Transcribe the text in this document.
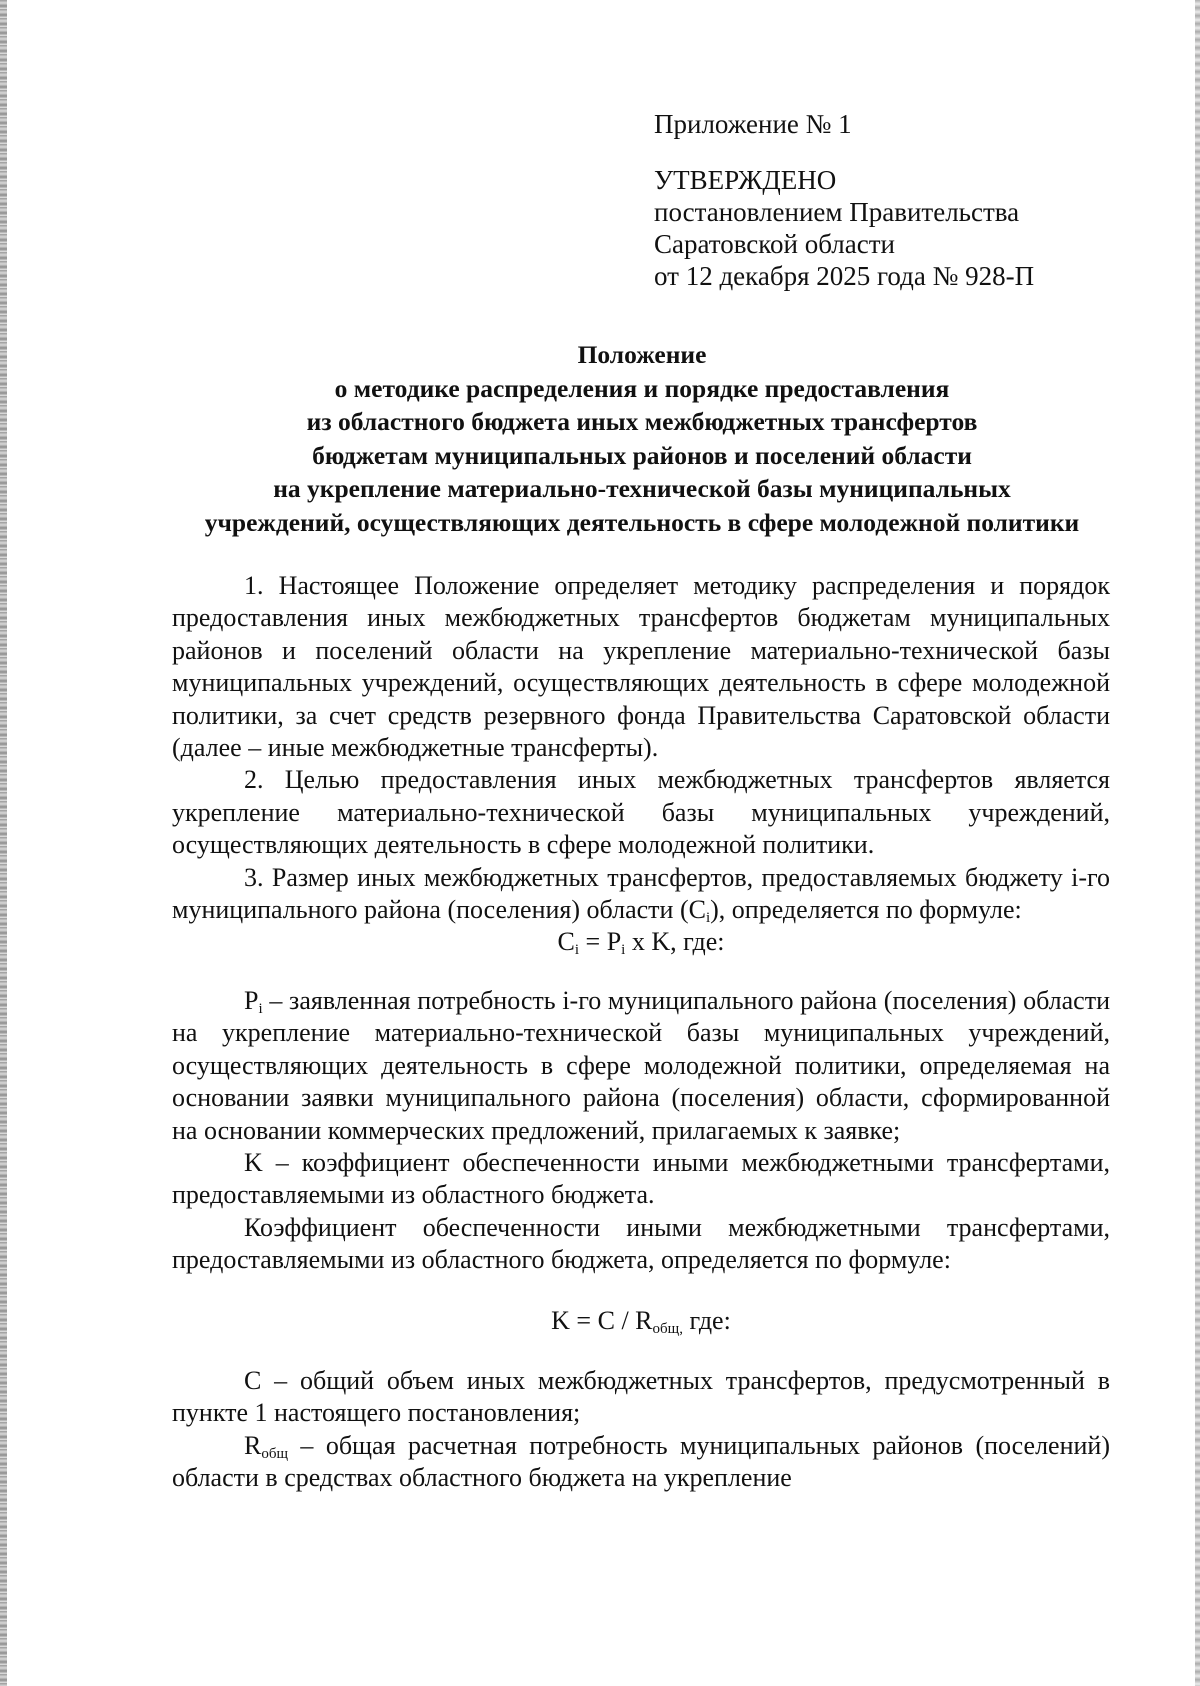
Приложение № 1
УТВЕРЖДЕНО
постановлением Правительства
Саратовской области
от 12 декабря 2025 года № 928-П
Положение
о методике распределения и порядке предоставления
из областного бюджета иных межбюджетных трансфертов
бюджетам муниципальных районов и поселений области
на укрепление материально-технической базы муниципальных
учреждений, осуществляющих деятельность в сфере молодежной политики

1. Настоящее Положение определяет методику распределения и порядок предоставления иных межбюджетных трансфертов бюджетам муниципальных районов и поселений области на укрепление материально-технической базы муниципальных учреждений, осуществляющих деятельность в сфере молодежной политики, за счет средств резервного фонда Правительства Саратовской области (далее – иные межбюджетные трансферты).

2. Целью предоставления иных межбюджетных трансфертов является укрепление материально-технической базы муниципальных учреждений, осуществляющих деятельность в сфере молодежной политики.

3. Размер иных межбюджетных трансфертов, предоставляемых бюджету i-го муниципального района (поселения) области $(C_i)$, определяется по формуле:

$C_i = P_i$ x K, где:

$P_i$ – заявленная потребность i-го муниципального района (поселения) области на укрепление материально-технической базы муниципальных учреждений, осуществляющих деятельность в сфере молодежной политики, определяемая на основании заявки муниципального района (поселения) области, сформированной на основании коммерческих предложений, прилагаемых к заявке;

K – коэффициент обеспеченности иными межбюджетными трансфертами, предоставляемыми из областного бюджета.

Коэффициент обеспеченности иными межбюджетными трансфертами, предоставляемыми из областного бюджета, определяется по формуле:

$K = C / R_{общ,}$ где:

C – общий объем иных межбюджетных трансфертов, предусмотренный в пункте 1 настоящего постановления;

$R_{общ}$ – общая расчетная потребность муниципальных районов (поселений) области в средствах областного бюджета на укрепление
